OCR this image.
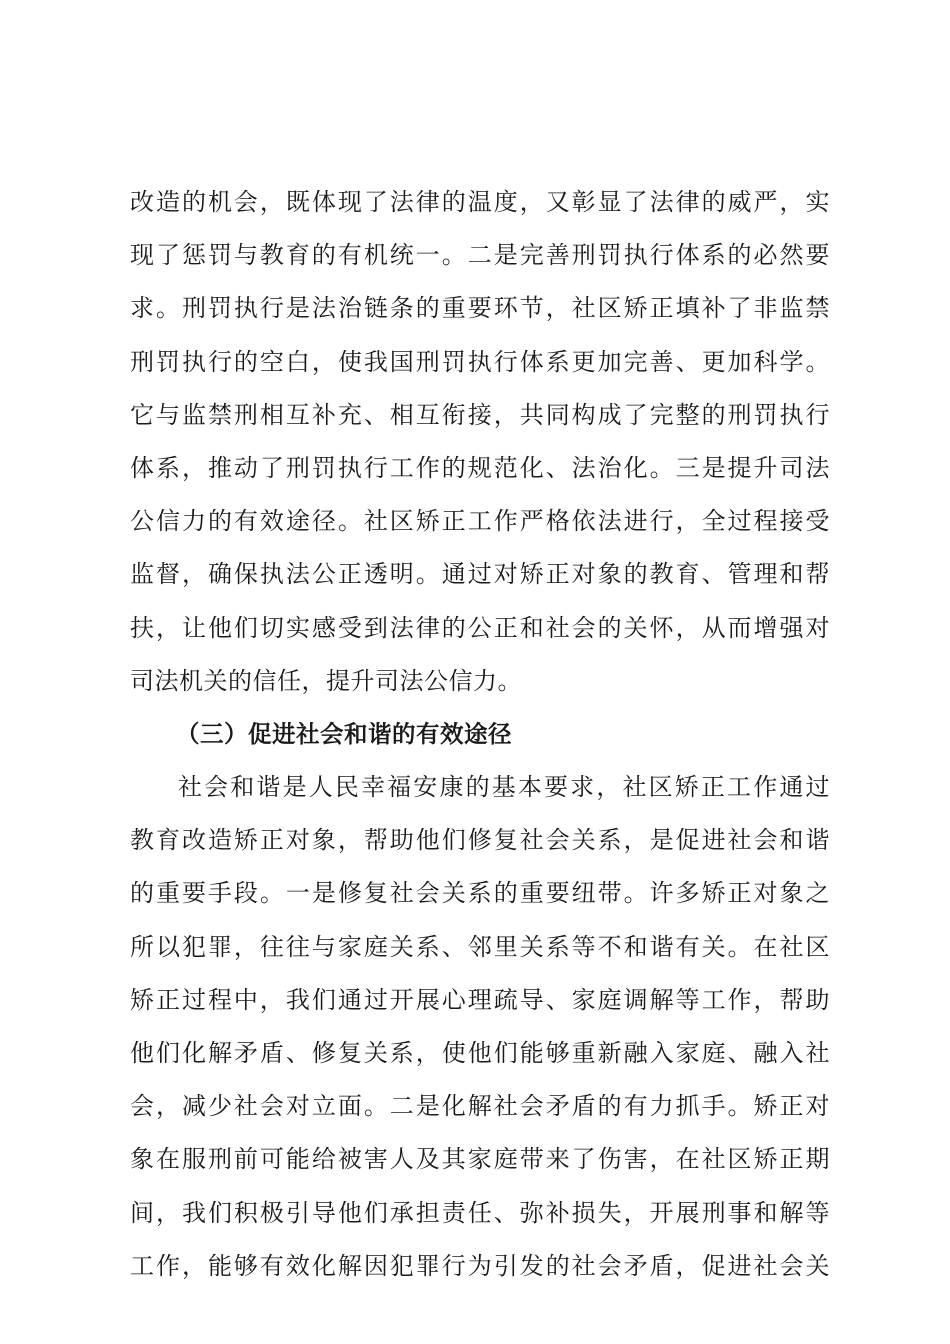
改造的机会，既体现了法律的温度，又彰显了法律的威严，实
现了惩罚与教育的有机统一。二是完善刑罚执行体系的必然要
求。刑罚执行是法治链条的重要环节，社区矫正填补了非监禁
刑罚执行的空白，使我国刑罚执行体系更加完善、更加科学。
它与监禁刑相互补充、相互衔接，共同构成了完整的刑罚执行
体系，推动了刑罚执行工作的规范化、法治化。三是提升司法
公信力的有效途径。社区矫正工作严格依法进行，全过程接受
监督，确保执法公正透明。通过对矫正对象的教育、管理和帮
扶，让他们切实感受到法律的公正和社会的关怀，从而增强对
司法机关的信任，提升司法公信力。
（三）促进社会和谐的有效途径
社会和谐是人民幸福安康的基本要求，社区矫正工作通过
教育改造矫正对象，帮助他们修复社会关系，是促进社会和谐
的重要手段。一是修复社会关系的重要纽带。许多矫正对象之
所以犯罪，往往与家庭关系、邻里关系等不和谐有关。在社区
矫正过程中，我们通过开展心理疏导、家庭调解等工作，帮助
他们化解矛盾、修复关系，使他们能够重新融入家庭、融入社
会，减少社会对立面。二是化解社会矛盾的有力抓手。矫正对
象在服刑前可能给被害人及其家庭带来了伤害，在社区矫正期
间，我们积极引导他们承担责任、弥补损失，开展刑事和解等
工作，能够有效化解因犯罪行为引发的社会矛盾，促进社会关
